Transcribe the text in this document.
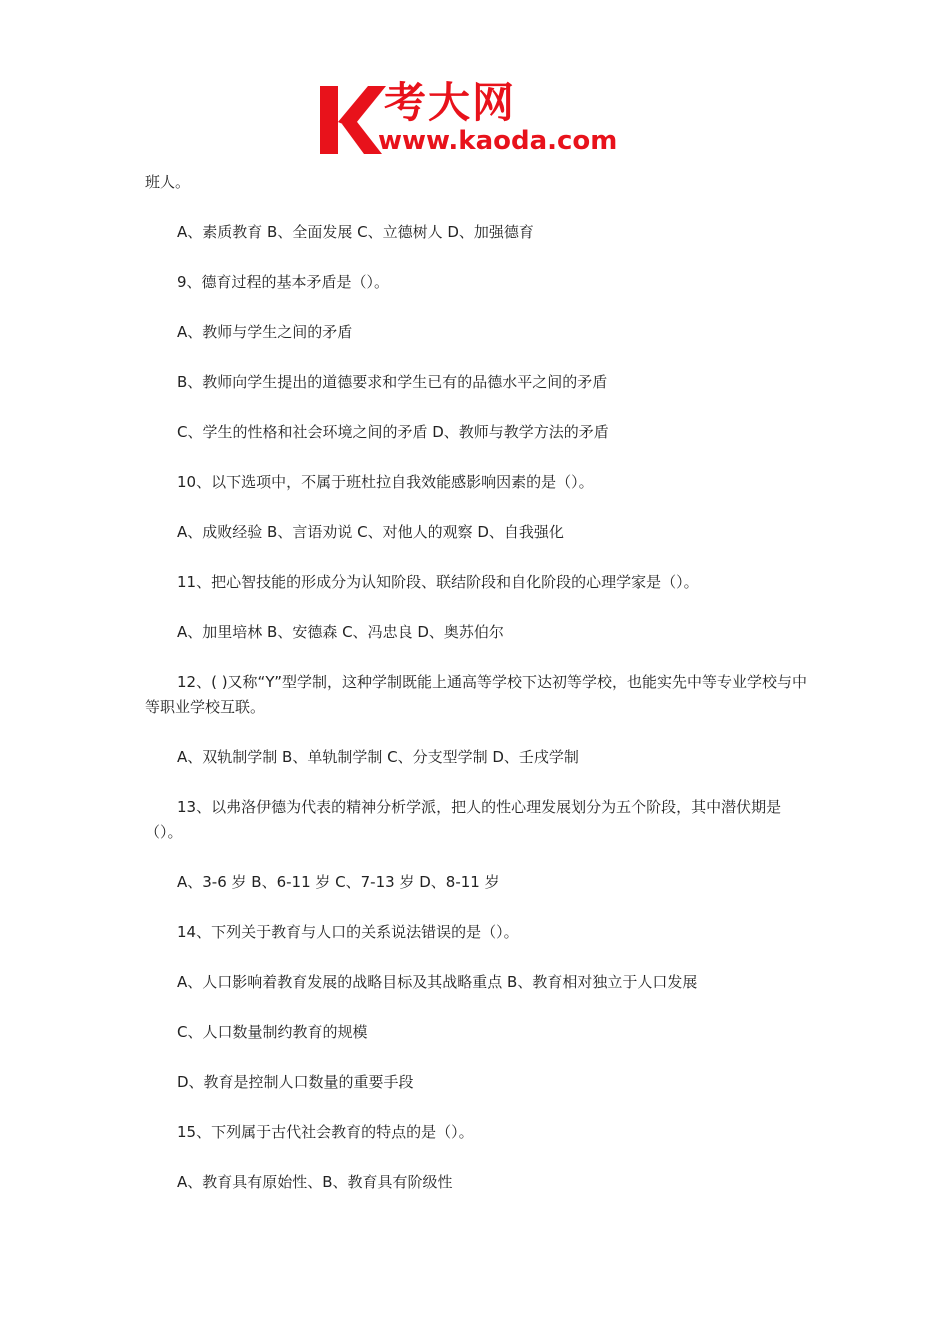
考大网
www.kaoda.com

班人。

A、素质教育 B、全面发展 C、立德树人 D、加强德育

9、德育过程的基本矛盾是（）。

A、教师与学生之间的矛盾

B、教师向学生提出的道德要求和学生已有的品德水平之间的矛盾

C、学生的性格和社会环境之间的矛盾 D、教师与教学方法的矛盾

10、以下选项中，不属于班杜拉自我效能感影响因素的是（）。

A、成败经验 B、言语劝说 C、对他人的观察 D、自我强化

11、把心智技能的形成分为认知阶段、联结阶段和自化阶段的心理学家是（）。

A、加里培林 B、安德森 C、冯忠良 D、奥苏伯尔

12、( )又称“Y”型学制，这种学制既能上通高等学校下达初等学校，也能实先中等专业学校与中等职业学校互联。

A、双轨制学制 B、单轨制学制 C、分支型学制 D、壬戌学制

13、以弗洛伊德为代表的精神分析学派，把人的性心理发展划分为五个阶段，其中潜伏期是（）。

A、3-6 岁 B、6-11 岁 C、7-13 岁 D、8-11 岁

14、下列关于教育与人口的关系说法错误的是（）。

A、人口影响着教育发展的战略目标及其战略重点 B、教育相对独立于人口发展

C、人口数量制约教育的规模

D、教育是控制人口数量的重要手段

15、下列属于古代社会教育的特点的是（）。

A、教育具有原始性、B、教育具有阶级性
